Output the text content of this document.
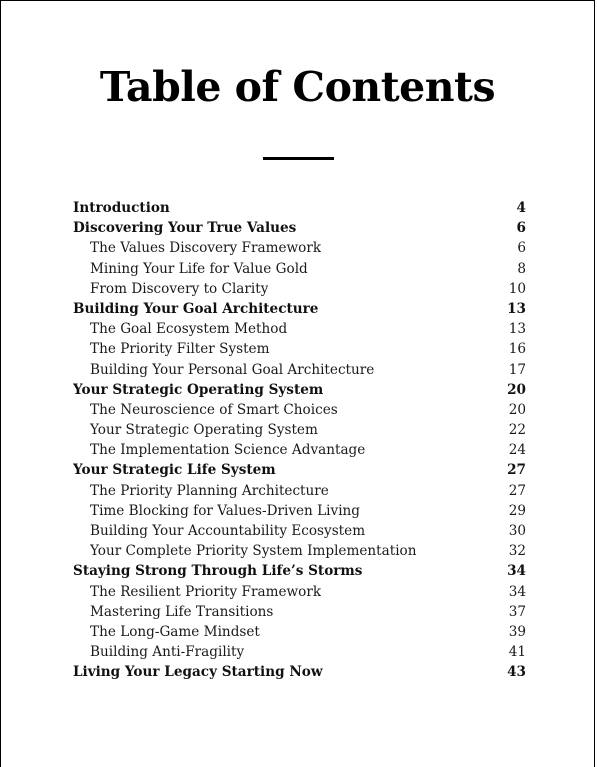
Table of Contents
Introduction	4
Discovering Your True Values	6
The Values Discovery Framework	6
Mining Your Life for Value Gold	8
From Discovery to Clarity	10
Building Your Goal Architecture	13
The Goal Ecosystem Method	13
The Priority Filter System	16
Building Your Personal Goal Architecture	17
Your Strategic Operating System	20
The Neuroscience of Smart Choices	20
Your Strategic Operating System	22
The Implementation Science Advantage	24
Your Strategic Life System	27
The Priority Planning Architecture	27
Time Blocking for Values-Driven Living	29
Building Your Accountability Ecosystem	30
Your Complete Priority System Implementation	32
Staying Strong Through Life’s Storms	34
The Resilient Priority Framework	34
Mastering Life Transitions	37
The Long-Game Mindset	39
Building Anti-Fragility	41
Living Your Legacy Starting Now	43
